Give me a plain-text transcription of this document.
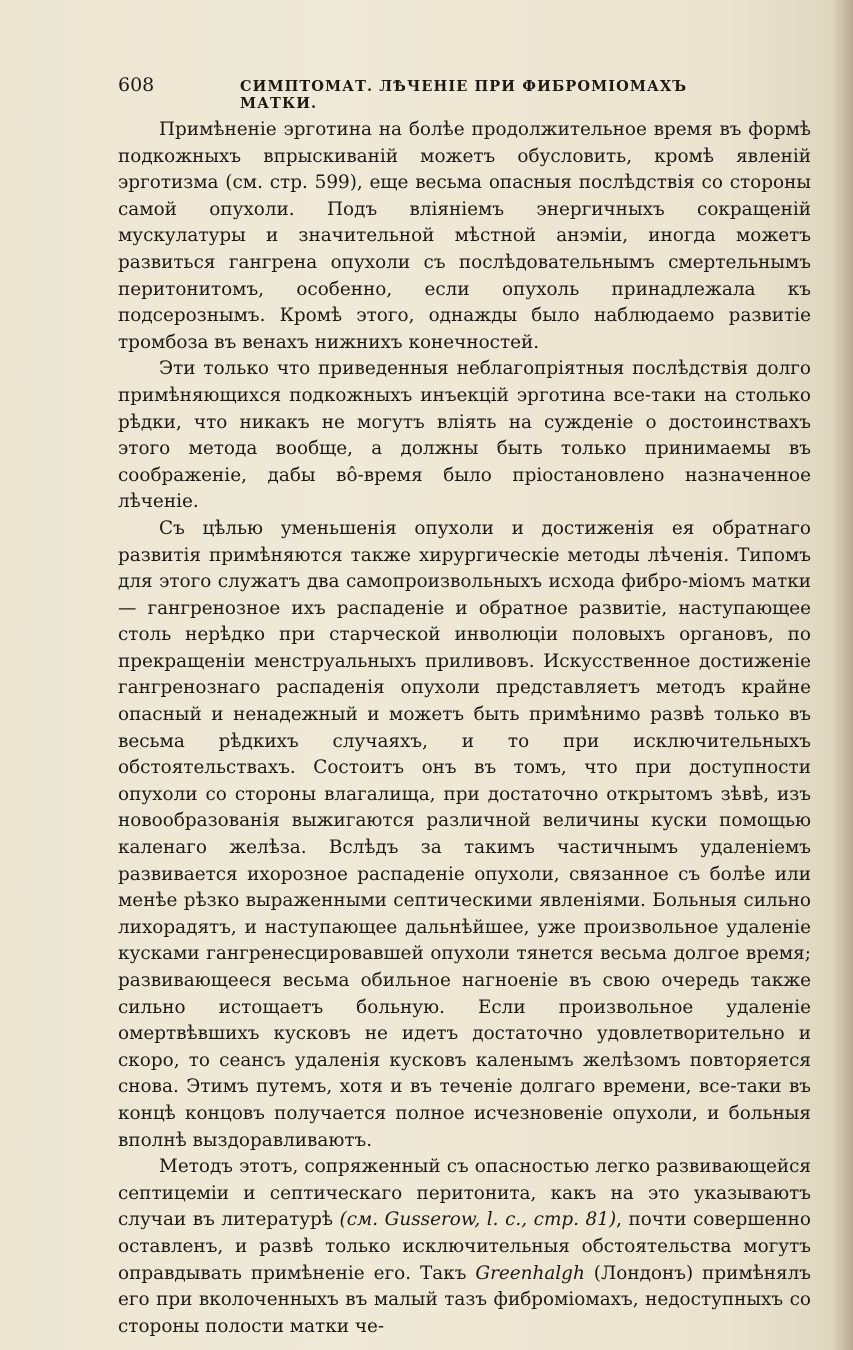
608	СИМПТОМАТ. ЛѢЧЕНІЕ ПРИ ФИБРОМІОМАХЪ МАТКИ.

Примѣненіе эрготина на болѣе продолжительное время въ формѣ подкожныхъ впрыскиваній можетъ обусловить, кромѣ явленій эрготизма (см. стр. 599), еще весьма опасныя послѣдствія со стороны самой опухоли. Подъ вліяніемъ энергичныхъ сокращеній мускулатуры и значительной мѣстной анэміи, иногда можетъ развиться гангрена опухоли съ послѣдовательнымъ смертельнымъ перитонитомъ, особенно, если опухоль принадлежала къ подсерознымъ. Кромѣ этого, однажды было наблюдаемо развитіе тромбоза въ венахъ нижнихъ конечностей.

Эти только что приведенныя неблагопріятныя послѣдствія долго примѣняющихся подкожныхъ инъекцій эрготина все-таки на столько рѣдки, что никакъ не могутъ вліять на сужденіе о достоинствахъ этого метода вообще, а должны быть только принимаемы въ соображеніе, дабы вô-время было пріостановлено назначенное лѣченіе.

Съ цѣлью уменьшенія опухоли и достиженія ея обратнаго развитія примѣняются также хирургическіе методы лѣченія. Типомъ для этого служатъ два самопроизвольныхъ исхода фибро-міомъ матки — гангренозное ихъ распаденіе и обратное развитіе, наступающее столь нерѣдко при старческой инволюціи половыхъ органовъ, по прекращеніи менструальныхъ приливовъ. Искусственное достиженіе гангренознаго распаденія опухоли представляетъ методъ крайне опасный и ненадежный и можетъ быть примѣнимо развѣ только въ весьма рѣдкихъ случаяхъ, и то при исключительныхъ обстоятельствахъ. Состоитъ онъ въ томъ, что при доступности опухоли со стороны влагалища, при достаточно открытомъ зѣвѣ, изъ новообразованія выжигаются различной величины куски помощью каленаго желѣза. Вслѣдъ за такимъ частичнымъ удаленіемъ развивается ихорозное распаденіе опухоли, связанное съ болѣе или менѣе рѣзко выраженными септическими явленіями. Больныя сильно лихорадятъ, и наступающее дальнѣйшее, уже произвольное удаленіе кусками гангренесцировавшей опухоли тянется весьма долгое время; развивающееся весьма обильное нагноеніе въ свою очередь также сильно истощаетъ больную. Если произвольное удаленіе омертвѣвшихъ кусковъ не идетъ достаточно удовлетворительно и скоро, то сеансъ удаленія кусковъ каленымъ желѣзомъ повторяется снова. Этимъ путемъ, хотя и въ теченіе долгаго времени, все-таки въ концѣ концовъ получается полное исчезновеніе опухоли, и больныя вполнѣ выздоравливаютъ.

Методъ этотъ, сопряженный съ опасностью легко развивающейся септицеміи и септическаго перитонита, какъ на это указываютъ случаи въ литературѣ (см. Gusserow, l. c., стр. 81), почти совершенно оставленъ, и развѣ только исключительныя обстоятельства могутъ оправдывать примѣненіе его. Такъ Greenhalgh (Лондонъ) примѣнялъ его при вколоченныхъ въ малый тазъ фиброміомахъ, недоступныхъ со стороны полости матки че-
